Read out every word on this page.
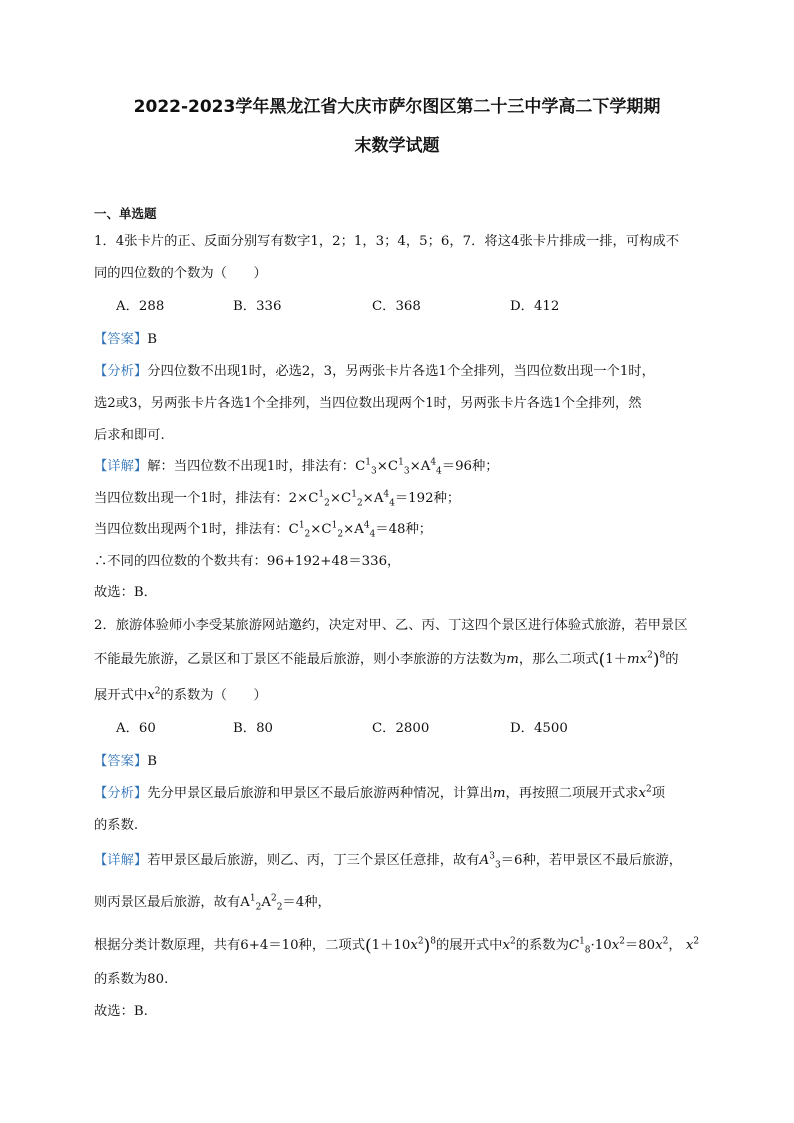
2022-2023学年黑龙江省大庆市萨尔图区第二十三中学高二下学期期
末数学试题
一、单选题
1．4张卡片的正、反面分别写有数字1，2；1，3；4，5；6，7．将这4张卡片排成一排，可构成不
同的四位数的个数为（　　）
A．288	B．336	C．368	D．412
【答案】B
【分析】分四位数不出现1时，必选2，3，另两张卡片各选1个全排列，当四位数出现一个1时，
选2或3，另两张卡片各选1个全排列，当四位数出现两个1时，另两张卡片各选1个全排列，然
后求和即可.
【详解】解：当四位数不出现1时，排法有：$C^1_3\times C^1_3\times A^4_4=96$种；
当四位数出现一个1时，排法有：$2\times C^1_2\times C^1_2\times A^4_4=192$种；
当四位数出现两个1时，排法有：$C^1_2\times C^1_2\times A^4_4=48$种；
∴不同的四位数的个数共有：96+192+48＝336，
故选：B．
2．旅游体验师小李受某旅游网站邀约，决定对甲、乙、丙、丁这四个景区进行体验式旅游，若甲景区
不能最先旅游，乙景区和丁景区不能最后旅游，则小李旅游的方法数为m，那么二项式$(1+mx^2)^8$的
展开式中$x^2$的系数为（　　）
A．60	B．80	C．2800	D．4500
【答案】B
【分析】先分甲景区最后旅游和甲景区不最后旅游两种情况，计算出m，再按照二项展开式求$x^2$项
的系数.
【详解】若甲景区最后旅游，则乙、丙，丁三个景区任意排，故有$A^3_3=6$种，若甲景区不最后旅游，
则丙景区最后旅游，故有$A^1_2A^2_2=4$种，
根据分类计数原理，共有6+4＝10种，二项式$(1+10x^2)^8$的展开式中$x^2$的系数为$C^1_8\cdot 10x^2=80x^2$， $x^2$
的系数为80.
故选：B.
